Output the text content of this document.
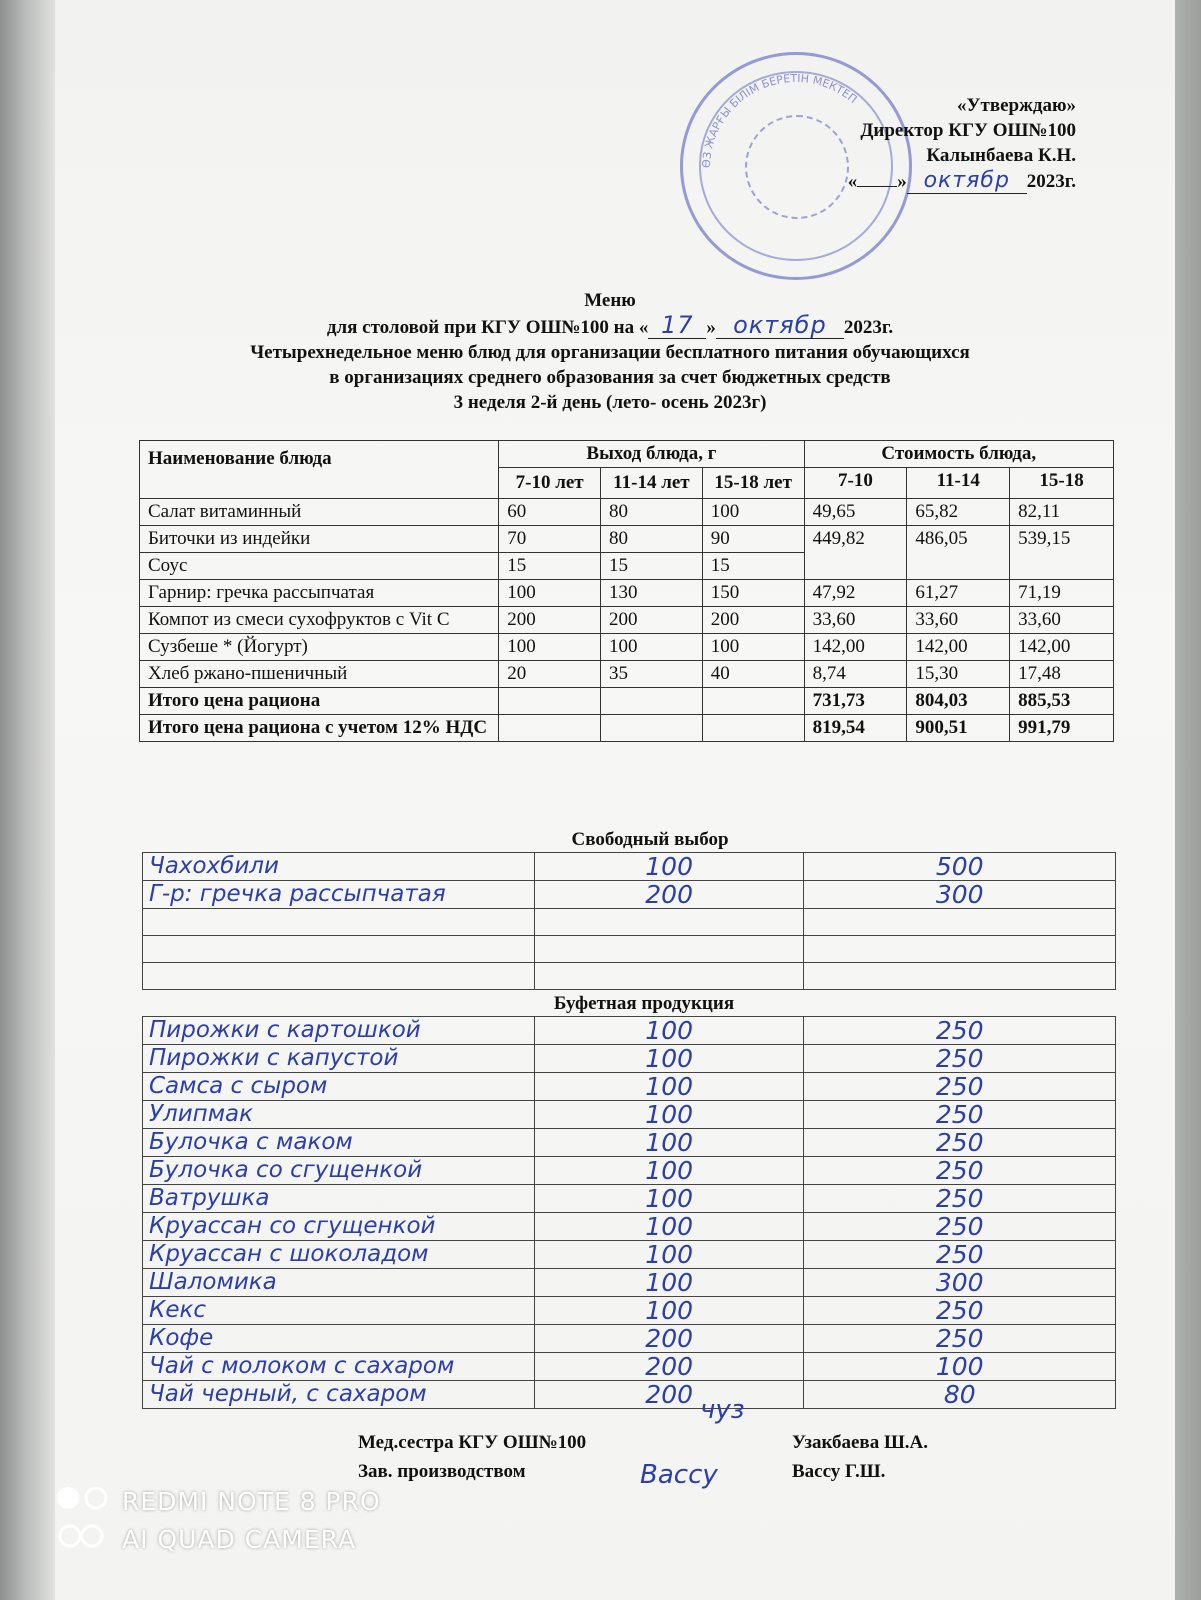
ӨЗ ЖАРҒЫ БІЛІМ БЕРЕТІН МЕКТЕП	«Утверждаю»
Директор КГУ ОШ№100
Калынбаева К.Н.
« » октябр 2023г.
Меню
для столовой при КГУ ОШ№100 на « 17 » октябр 2023г.
Четырехнедельное меню блюд для организации бесплатного питания обучающихся
в организациях среднего образования за счет бюджетных средств
3 неделя 2-й день (лето- осень 2023г)
Наименование блюда	Выход блюда, г			Стоимость блюда,		
	7-10 лет	11-14 лет	15-18 лет	7-10	11-14	15-18
Салат витаминный	60	80	100	49,65	65,82	82,11
Биточки из индейки	70	80	90	449,82	486,05	539,15
Соус	15	15	15			
Гарнир: гречка рассыпчатая	100	130	150	47,92	61,27	71,19
Компот из смеси сухофруктов с Vit C	200	200	200	33,60	33,60	33,60
Сузбеше * (Йогурт)	100	100	100	142,00	142,00	142,00
Хлеб ржано-пшеничный	20	35	40	8,74	15,30	17,48
Итого цена рациона				731,73	804,03	885,53
Итого цена рациона с учетом 12% НДС				819,54	900,51	991,79
Свободный выбор
Чахохбили	100	500
Г-р: гречка рассыпчатая	200	300

Буфетная продукция
Пирожки с картошкой	100	250
Пирожки с капустой	100	250
Самса с сыром	100	250
Улипмак	100	250
Булочка с маком	100	250
Булочка со сгущенкой	100	250
Ватрушка	100	250
Круассан со сгущенкой	100	250
Круассан с шоколадом	100	250
Шаломика	100	300
Кекс	100	250
Кофе	200	250
Чай с молоком с сахаром	200	100
Чай черный, с сахаром	200	80
Мед.сестра КГУ ОШ№100
Зав. производством
Узакбаева Ш.А.
Вассу Г.Ш.
чуз
Вассу
REDMI NOTE 8 PRO
AI QUAD CAMERA
